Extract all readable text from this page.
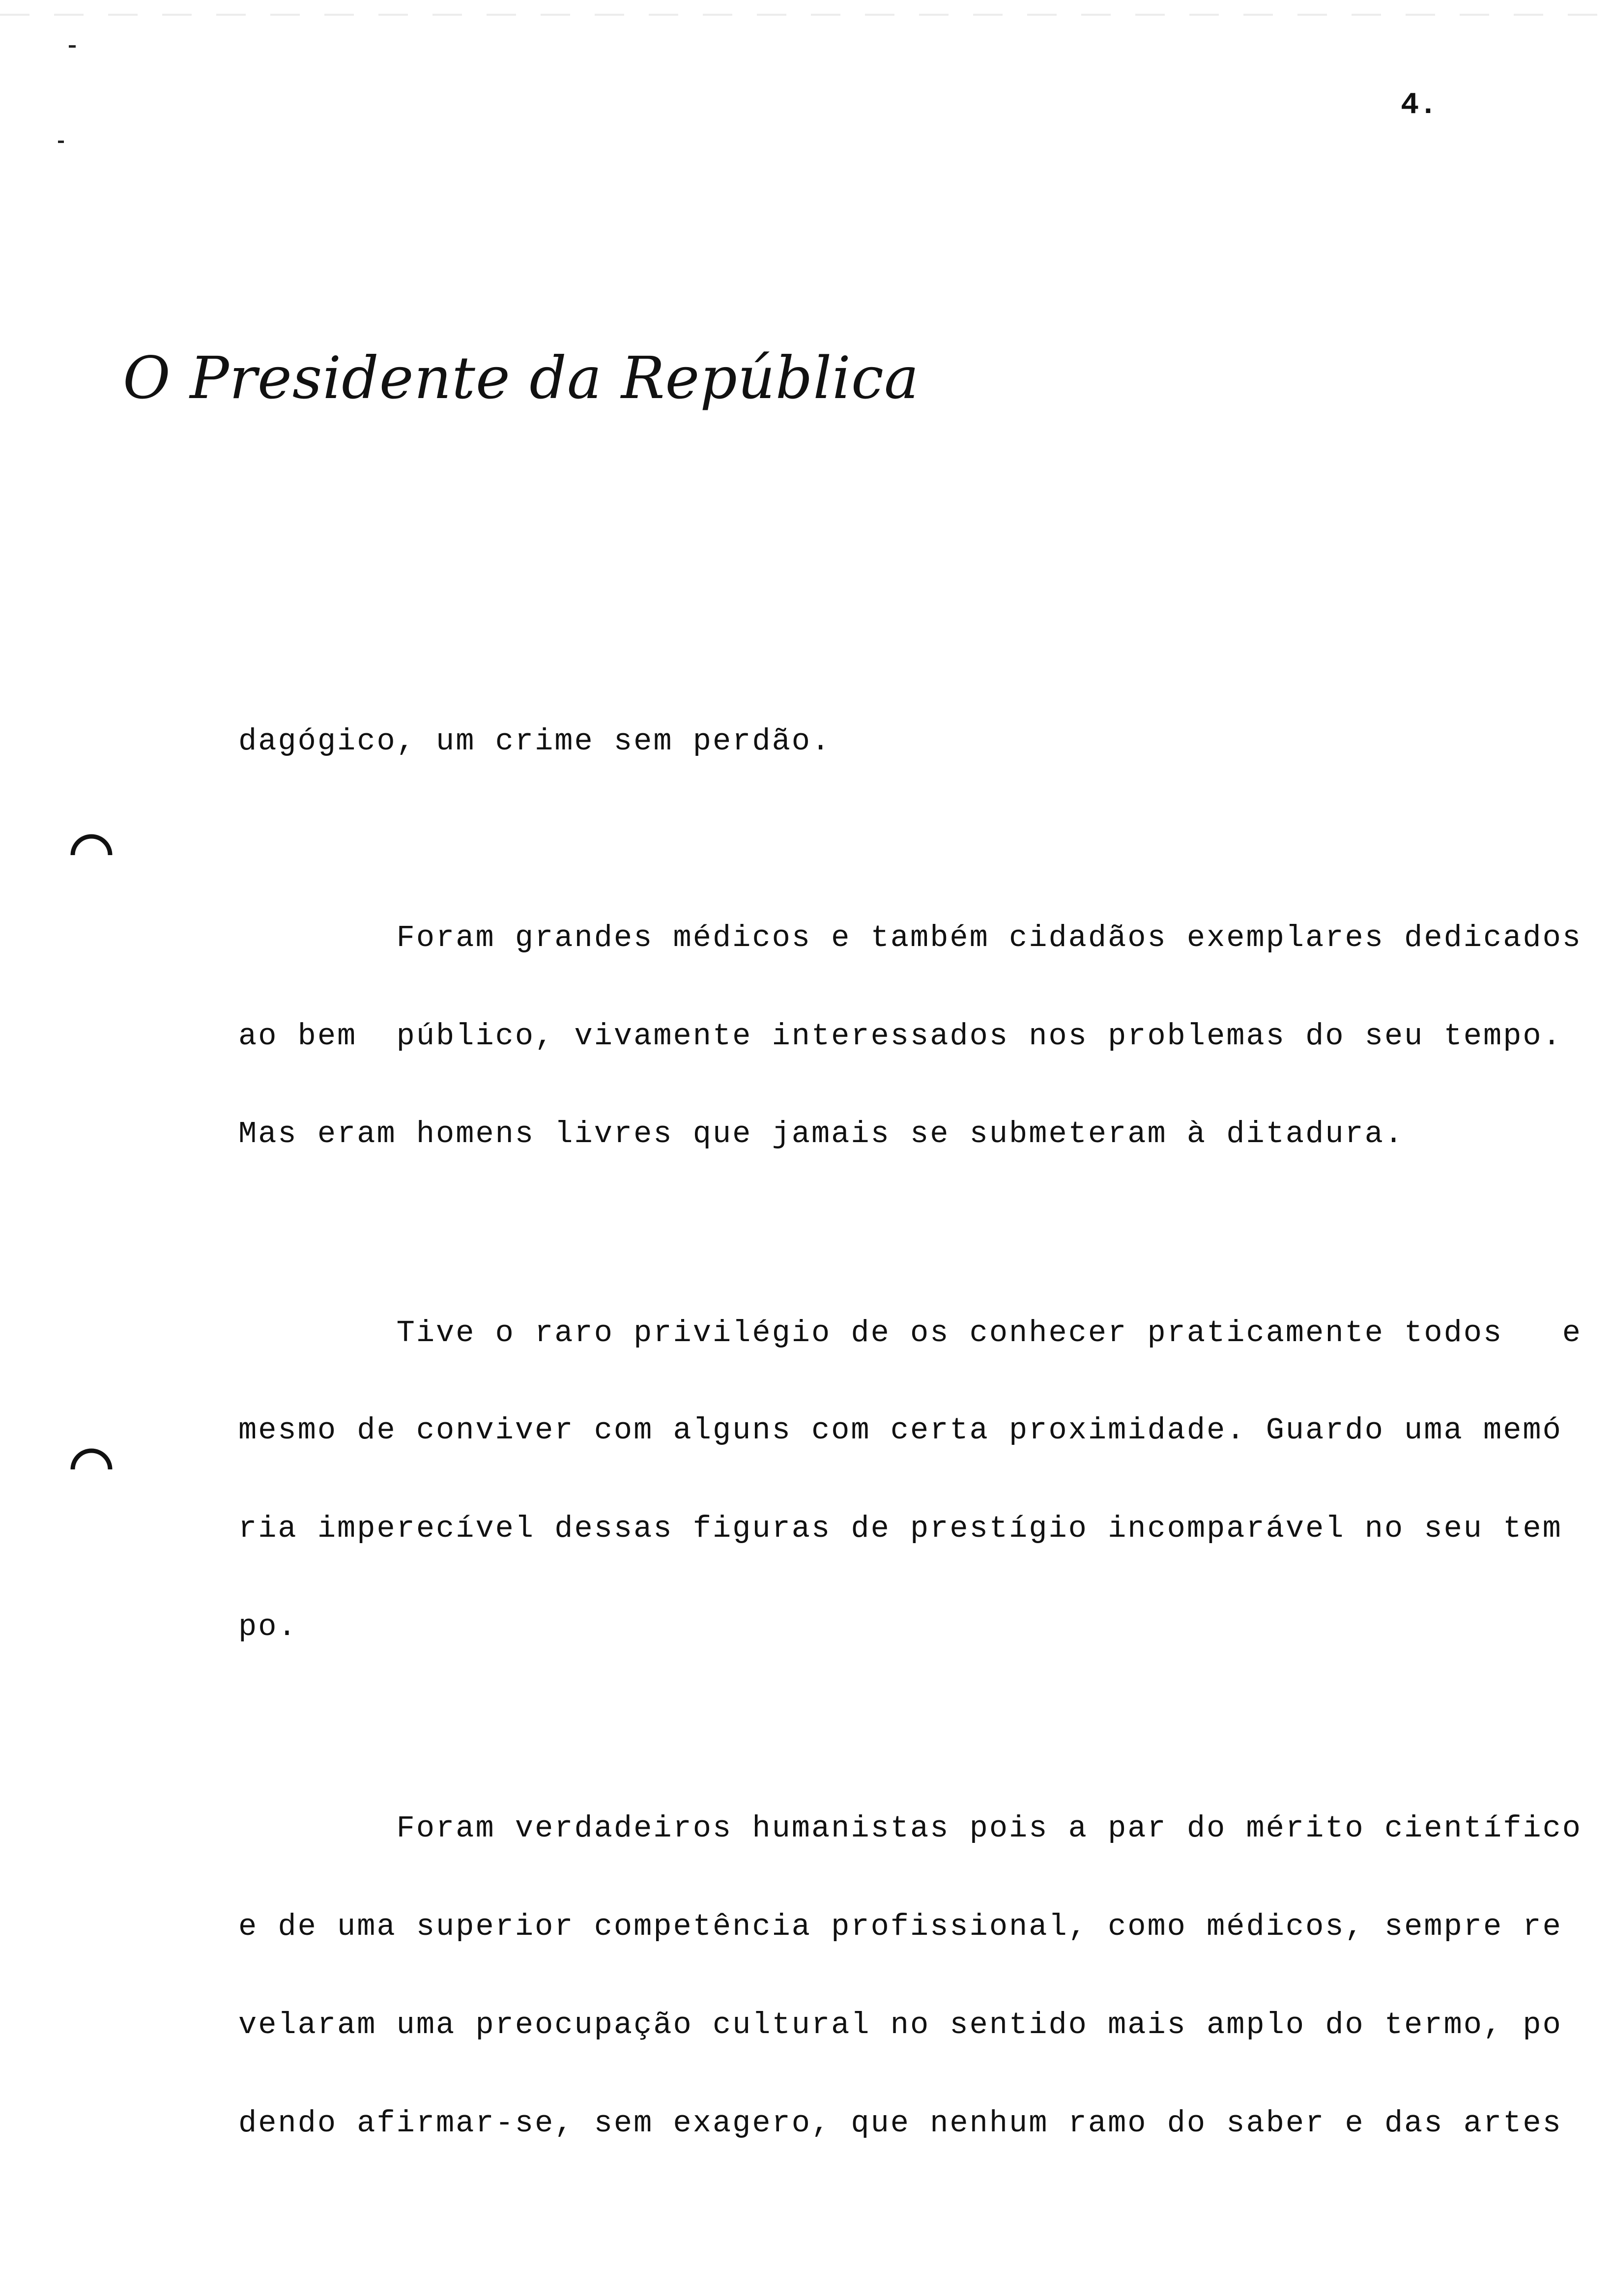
4.
O Presidente da República
dagógico, um crime sem perdão.
Foram grandes médicos e também cidadãos exemplares dedicados
ao bem  público, vivamente interessados nos problemas do seu tempo.
Mas eram homens livres que jamais se submeteram à ditadura.
Tive o raro privilégio de os conhecer praticamente todos   e
mesmo de conviver com alguns com certa proximidade. Guardo uma memó
ria imperecível dessas figuras de prestígio incomparável no seu tem
po.
Foram verdadeiros humanistas pois a par do mérito científico
e de uma superior competência profissional, como médicos, sempre re
velaram uma preocupação cultural no sentido mais amplo do termo, po
dendo afirmar-se, sem exagero, que nenhum ramo do saber e das artes
